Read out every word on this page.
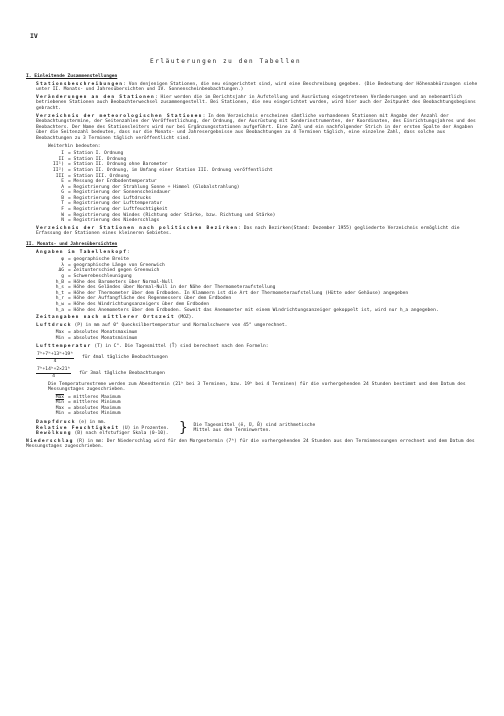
IV
Erläuterungen zu den Tabellen

I. Einleitende Zusammenstellungen

Stationsbeschreibungen: Von denjenigen Stationen, die neu eingerichtet sind, wird eine Beschreibung gegeben. (Die Bedeutung der Höhenabkürzungen siehe unter II. Monats- und Jahresübersichten und IV. Sonnenscheinbeobachtungen.)

Veränderungen an den Stationen: Hier werden die im Berichtsjahr in Aufstellung und Ausrüstung eingetretenen Veränderungen und an nebenamtlich betriebenen Stationen auch Beobachterwechsel zusammengestellt. Bei Stationen, die neu eingerichtet wurden, wird hier auch der Zeitpunkt des Beobachtungsbeginns gebracht.

Verzeichnis der meteorologischen Stationen: In dem Verzeichnis erscheinen sämtliche vorhandenen Stationen mit Angabe der Anzahl der Beobachtungstermine, der Seitenzahlen der Veröffentlichung, der Ordnung, der Ausrüstung mit Sonderinstrumenten, der Koordinaten, des Einrichtungsjahres und des Beobachters. Der Name des Stationsleiters wird nur bei Ergänzungsstationen aufgeführt. Eine Zahl und ein nachfolgender Strich in der ersten Spalte der Angaben über die Seitenzahl bedeuten, dass nur die Monats- und Jahresergebnisse aus Beobachtungen zu 4 Terminen täglich, eine einzelne Zahl, dass solche aus Beobachtungen zu 3 Terminen täglich veröffentlicht sind.

Weiterhin bedeuten:

I = Station I. Ordnung
II = Station II. Ordnung
II¹) = Station II. Ordnung ohne Barometer
II²) = Station II. Ordnung, im Umfang einer Station III. Ordnung veröffentlicht
III = Station III. Ordnung
E = Messung der Erdbodentemperatur
A = Registrierung der Strahlung Sonne + Himmel (Globalstrahlung)
G = Registrierung der Sonnenscheindauer
B = Registrierung des Luftdrucks
T = Registrierung der Lufttemperatur
F = Registrierung der Luftfeuchtigkeit
W = Registrierung des Windes (Richtung oder Stärke, bzw. Richtung und Stärke)
N = Registrierung des Niederschlags

Verzeichnis der Stationen nach politischen Bezirken: Das nach Bezirken(Stand: Dezember 1955) gegliederte Verzeichnis ermöglicht die Erfassung der Stationen eines kleineren Gebietes.

II. Monats- und Jahresübersichten

Angaben im Tabellenkopf:

φ = geographische Breite
λ = geographische Länge von Greenwich
ΔG = Zeitunterschied gegen Greenwich
g = Schwerebeschleunigung
h_B = Höhe des Barometers über Normal-Null
h_s = Höhe des Geländes über Normal-Null in der Nähe der Thermometeraufstellung
h_t = Höhe der Thermometer über dem Erdboden. In Klammern ist die Art der Thermometeraufstellung (Hütte oder Gehäuse) angegeben
h_r = Höhe der Auffangfläche des Regenmessers über dem Erdboden
h_w = Höhe des Windrichtungsanzeigers über dem Erdboden
h_a = Höhe des Anemometers über dem Erdboden. Soweit das Anemometer mit einem Windrichtungsanzeiger gekoppelt ist, wird nur h_a angegeben.

Zeitangaben nach mittlerer Ortszeit (MOZ).

Luftdruck (P) in mm auf 0° Quecksilbertemperatur und Normalschwere von 45° umgerechnet.

Max = absolutes Monatsmaximum
Min = absolutes Monatsminimum

Lufttemperatur (T) in C°. Die Tagesmittel (T̄) sind berechnet nach den Formeln:

$\frac{\text{7ʰ+7ʰ+13ʰ+19ʰ}}{4}$ für 4mal tägliche Beobachtungen
$\frac{\text{7ʰ+14ʰ+2×21ʰ}}{4}$ für 3mal tägliche Beobachtungen

Die Temperaturextreme werden zum Abendtermin (21ʰ bei 3 Terminen, bzw. 19ʰ bei 4 Terminen) für die vorhergehenden 24 Stunden bestimmt und dem Datum des Messungstages zugeschrieben.

$\overline{Max}$ = mittleres Maximum
$\overline{Min}$ = mittleres Minimum
Max = absolutes Maximum
Min = absolutes Minimum

Dampfdruck (e) in mm.

Relative Feuchtigkeit (U) in Prozenten.

Bewölkung (B) nach elfstufiger Skala (0-10). } Die Tagesmittel (ē, Ū, B̄) sind arithmetische Mittel aus den Terminwerten.

Niederschlag (R) in mm: Der Niederschlag wird für den Morgentermin (7ʰ) für die vorhergehenden 24 Stunden aus den Terminmessungen errechnet und dem Datum des Messungstages zugeschrieben.
